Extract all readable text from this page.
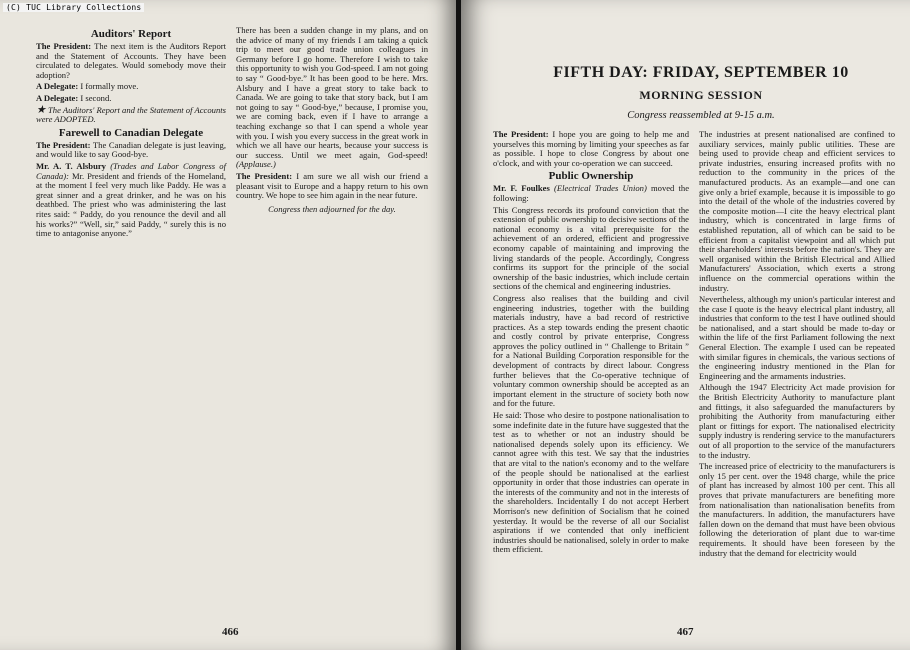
(C) TUC Library Collections
Auditors' Report

The President: The next item is the Auditors Report and the Statement of Accounts. They have been circulated to delegates. Would somebody move their adoption?

A Delegate: I formally move.

A Delegate: I second.

★ The Auditors' Report and the Statement of Accounts were ADOPTED.

Farewell to Canadian Delegate

The President: The Canadian delegate is just leaving, and would like to say Good-bye.

Mr. A. T. Alsbury (Trades and Labor Congress of Canada): Mr. President and friends of the Homeland, at the moment I feel very much like Paddy. He was a great sinner and a great drinker, and he was on his deathbed. The priest who was administering the last rites said: “ Paddy, do you renounce the devil and all his works?” “Well, sir,” said Paddy, “ surely this is no time to antagonise anyone.”

There has been a sudden change in my plans, and on the advice of many of my friends I am taking a quick trip to meet our good trade union colleagues in Germany before I go home. Therefore I wish to take this opportunity to wish you God-speed. I am not going to say “ Good-bye.” It has been good to be here. Mrs. Alsbury and I have a great story to take back to Canada. We are going to take that story back, but I am not going to say “ Good-bye,” because, I promise you, we are coming back, even if I have to arrange a teaching exchange so that I can spend a whole year with you. I wish you every success in the great work in which we all have our hearts, because your success is our success. Until we meet again, God-speed! (Applause.)

The President: I am sure we all wish our friend a pleasant visit to Europe and a happy return to his own country. We hope to see him again in the near future.

Congress then adjourned for the day.

466
FIFTH DAY: FRIDAY, SEPTEMBER 10
MORNING SESSION
Congress reassembled at 9-15 a.m.

The President: I hope you are going to help me and yourselves this morning by limiting your speeches as far as possible. I hope to close Congress by about one o'clock, and with your co-operation we can succeed.

Public Ownership

Mr. F. Foulkes (Electrical Trades Union) moved the following:

This Congress records its profound conviction that the extension of public ownership to decisive sections of the national economy is a vital prerequisite for the achievement of an ordered, efficient and progressive economy capable of maintaining and improving the living standards of the people. Accordingly, Congress confirms its support for the principle of the social ownership of the basic industries, which include certain sections of the chemical and engineering industries.

Congress also realises that the building and civil engineering industries, together with the building materials industry, have a bad record of restrictive practices. As a step towards ending the present chaotic and costly control by private enterprise, Congress approves the policy outlined in “ Challenge to Britain ” for a National Building Corporation responsible for the development of contracts by direct labour. Congress further believes that the Co-operative technique of voluntary common ownership should be accepted as an important element in the structure of society both now and for the future.

He said: Those who desire to postpone nationalisation to some indefinite date in the future have suggested that the test as to whether or not an industry should be nationalised depends solely upon its efficiency. We cannot agree with this test. We say that the industries that are vital to the nation's economy and to the welfare of the people should be nationalised at the earliest opportunity in order that those industries can operate in the interests of the community and not in the interests of the shareholders. Incidentally I do not accept Herbert Morrison's new definition of Socialism that he coined yesterday. It would be the reverse of all our Socialist aspirations if we contended that only inefficient industries should be nationalised, solely in order to make them efficient.

The industries at present nationalised are confined to auxiliary services, mainly public utilities. These are being used to provide cheap and efficient services to private industries, ensuring increased profits with no reduction to the community in the prices of the manufactured products. As an example—and one can give only a brief example, because it is impossible to go into the detail of the whole of the industries covered by the composite motion—I cite the heavy electrical plant industry, which is concentrated in large firms of established reputation, all of which can be said to be efficient from a capitalist viewpoint and all which put their shareholders' interests before the nation's. They are well organised within the British Electrical and Allied Manufacturers' Association, which exerts a strong influence on the commercial operations within the industry.

Nevertheless, although my union's particular interest and the case I quote is the heavy electrical plant industry, all industries that conform to the test I have outlined should be nationalised, and a start should be made to-day or within the life of the first Parliament following the next General Election. The example I used can be repeated with similar figures in chemicals, the various sections of the engineering industry mentioned in the Plan for Engineering and the armaments industries.

Although the 1947 Electricity Act made provision for the British Electricity Authority to manufacture plant and fittings, it also safeguarded the manufacturers by prohibiting the Authority from manufacturing either plant or fittings for export. The nationalised electricity supply industry is rendering service to the manufacturers out of all proportion to the service of the manufacturers to the industry.

The increased price of electricity to the manufacturers is only 15 per cent. over the 1948 charge, while the price of plant has increased by almost 100 per cent. This all proves that private manufacturers are benefiting more from nationalisation than nationalisation benefits from the manufacturers. In addition, the manufacturers have fallen down on the demand that must have been obvious following the deterioration of plant due to war-time requirements. It should have been foreseen by the industry that the demand for electricity would

467
